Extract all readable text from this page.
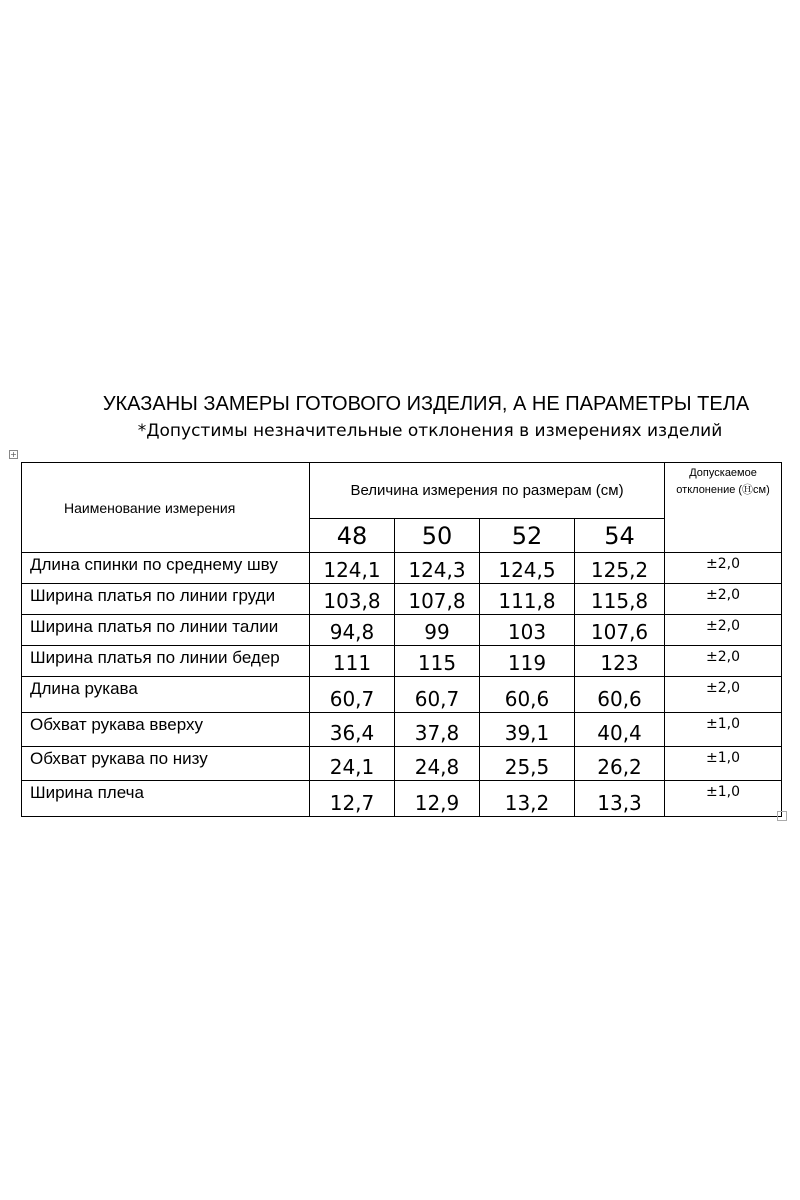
УКАЗАНЫ ЗАМЕРЫ ГОТОВОГО ИЗДЕЛИЯ, А НЕ ПАРАМЕТРЫ ТЕЛА
*Допустимы незначительные отклонения в измерениях изделий
+
Наименование измерения	Величина измерения по размерам (см)				Допускаемое
отклонение (Ⓗсм)

	48	50	52	54	
Длина спинки по среднему шву	124,1	124,3	124,5	125,2	±2,0
Ширина платья по линии груди	103,8	107,8	111,8	115,8	±2,0
Ширина платья по линии талии	94,8	99	103	107,6	±2,0
Ширина платья по линии бедер	111	115	119	123	±2,0
Длина рукава	60,7	60,7	60,6	60,6	±2,0
Обхват рукава вверху	36,4	37,8	39,1	40,4	±1,0
Обхват рукава по низу	24,1	24,8	25,5	26,2	±1,0
Ширина плеча	12,7	12,9	13,2	13,3	±1,0
